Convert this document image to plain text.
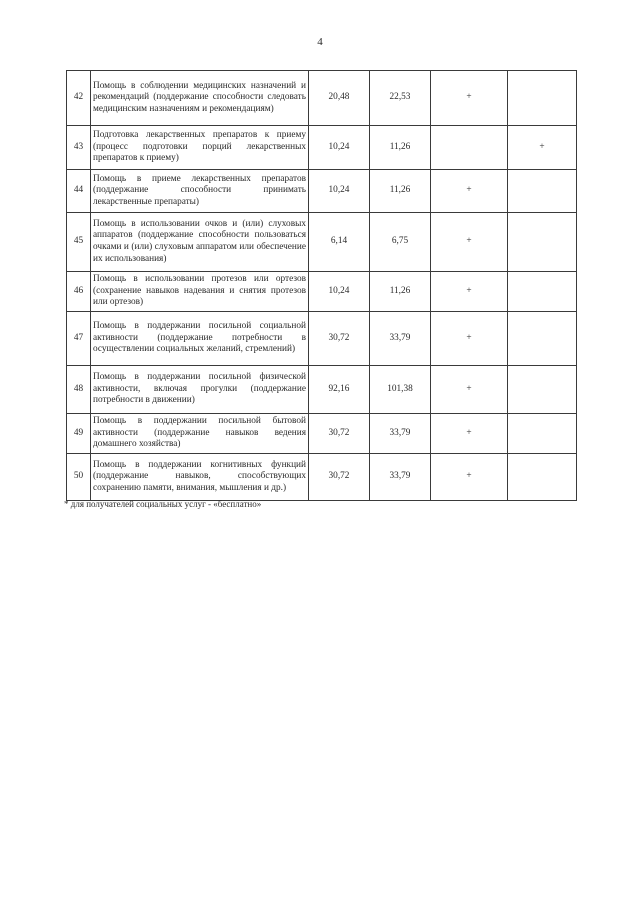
4
42	Помощь в соблюдении медицинских назначений и рекомендаций (поддержание способности следовать медицинским назначениям и рекомендациям)	20,48	22,53	+	
43	Подготовка лекарственных препаратов к приему (процесс подготовки порций лекарственных препаратов к приему)	10,24	11,26		+
44	Помощь в приеме лекарственных препаратов (поддержание способности принимать лекарственные препараты)	10,24	11,26	+	
45	Помощь в использовании очков и (или) слуховых аппаратов (поддержание способности пользоваться очками и (или) слуховым аппаратом или обеспечение их использования)	6,14	6,75	+	
46	Помощь в использовании протезов или ортезов (сохранение навыков надевания и снятия протезов или ортезов)	10,24	11,26	+	
47	Помощь в поддержании посильной социальной активности (поддержание потребности в осуществлении социальных желаний, стремлений)	30,72	33,79	+	
48	Помощь в поддержании посильной физической активности, включая прогулки (поддержание потребности в движении)	92,16	101,38	+	
49	Помощь в поддержании посильной бытовой активности (поддержание навыков ведения домашнего хозяйства)	30,72	33,79	+	
50	Помощь в поддержании когнитивных функций (поддержание навыков, способствующих сохранению памяти, внимания, мышления и др.)	30,72	33,79	+	
* для получателей социальных услуг - «бесплатно»
